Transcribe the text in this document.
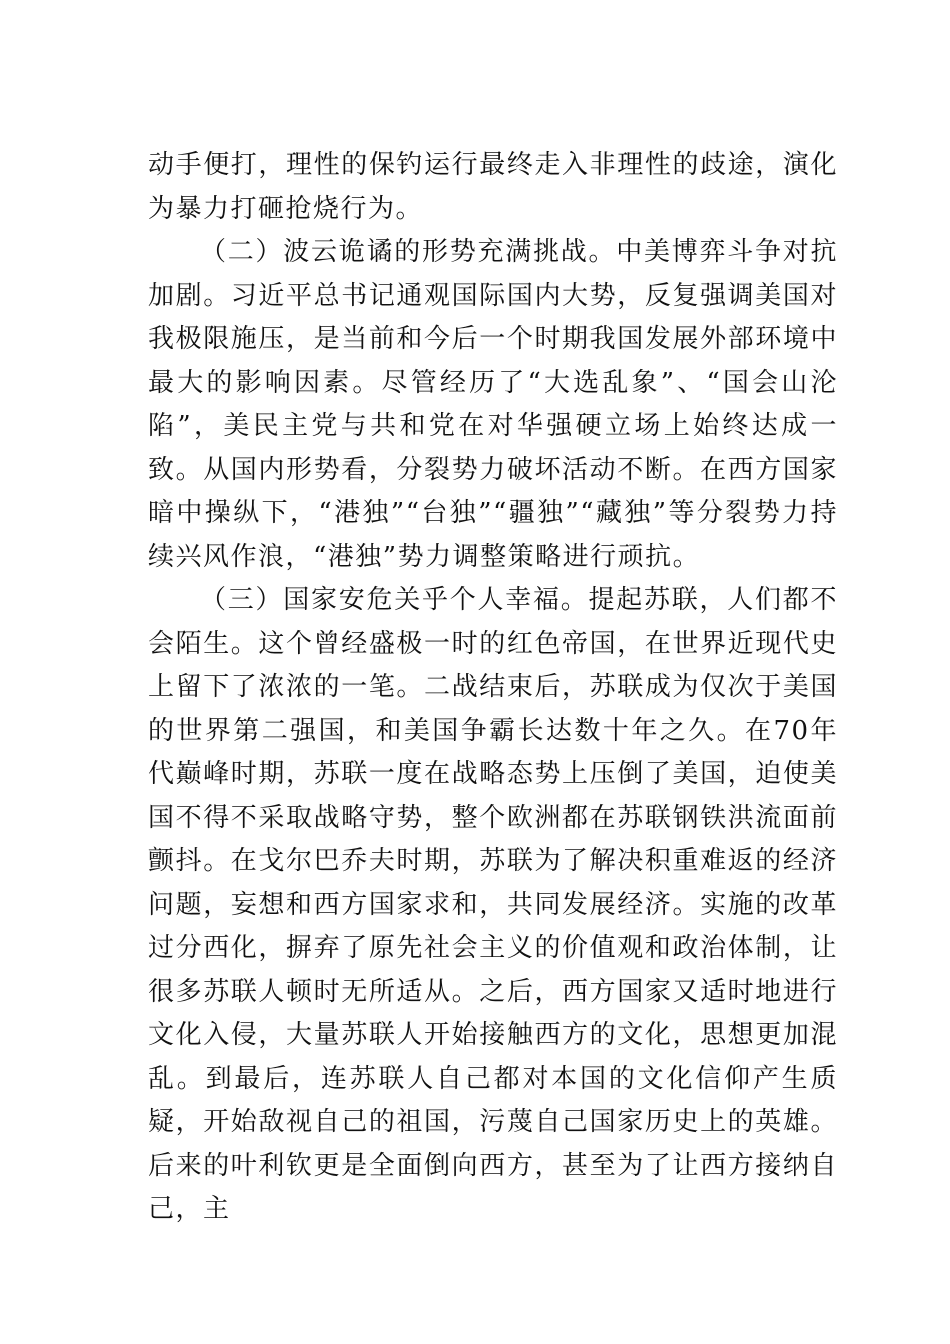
动手便打，理性的保钓运行最终走入非理性的歧途，演化为暴力打砸抢烧行为。

（二）波云诡谲的形势充满挑战。中美博弈斗争对抗加剧。习近平总书记通观国际国内大势，反复强调美国对我极限施压，是当前和今后一个时期我国发展外部环境中最大的影响因素。尽管经历了“大选乱象”、“国会山沦陷”，美民主党与共和党在对华强硬立场上始终达成一致。从国内形势看，分裂势力破坏活动不断。在西方国家暗中操纵下，“港独”“台独”“疆独”“藏独”等分裂势力持续兴风作浪，“港独”势力调整策略进行顽抗。

（三）国家安危关乎个人幸福。提起苏联，人们都不会陌生。这个曾经盛极一时的红色帝国，在世界近现代史上留下了浓浓的一笔。二战结束后，苏联成为仅次于美国的世界第二强国，和美国争霸长达数十年之久。在70年代巅峰时期，苏联一度在战略态势上压倒了美国，迫使美国不得不采取战略守势，整个欧洲都在苏联钢铁洪流面前颤抖。在戈尔巴乔夫时期，苏联为了解决积重难返的经济问题，妄想和西方国家求和，共同发展经济。实施的改革过分西化，摒弃了原先社会主义的价值观和政治体制，让很多苏联人顿时无所适从。之后，西方国家又适时地进行文化入侵，大量苏联人开始接触西方的文化，思想更加混乱。到最后，连苏联人自己都对本国的文化信仰产生质疑，开始敌视自己的祖国，污蔑自己国家历史上的英雄。后来的叶利钦更是全面倒向西方，甚至为了让西方接纳自己，主
